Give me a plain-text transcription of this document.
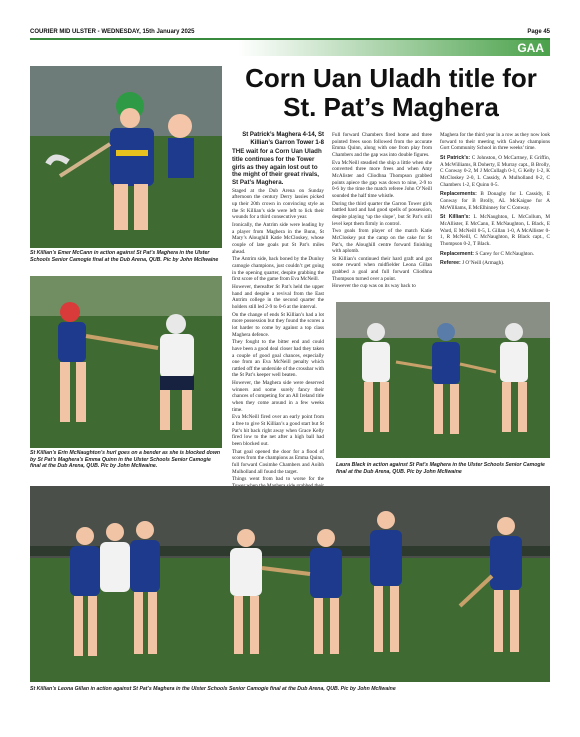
COURIER MID ULSTER - WEDNESDAY, 15th January 2025	Page 45
GAA
St Killian’s Emer McCann in action against St Pat’s Maghera in the Ulster Schools Senior Camogie final at the Dub Arena, QUB. Pic by John McIlwaine
St Killian’s Erin McNaughton’s hurl goes on a bender as she is blocked down by St Pat’s Maghera’s Emma Quinn in the Ulster Schools Senior Camogie final at the Dub Arena, QUB. Pic by John McIlwaine.
Corn Uan Uladh title for St. Pat’s Maghera
St Patrick’s Maghera 4-14, St
Killian’s Garron Tower 1-8

THE wait for a Corn Uan Uladh title continues for the Tower girls as they again lost out to the might of their great rivals, St Pat’s Maghera.

Staged at the Dub Arena on Sunday afternoon the century Derry lassies picked up their 20th crown in convincing style as the St Killian’s side were left to lick their wounds for a third consecutive year.

Ironically, the Antrim side were leading by a player from Maghera in the Bunn, St Mary’s Aloughill Katie McCloskey, whose couple of late goals put St Pat’s miles ahead.

The Antrim side, back boned by the Dunloy camogie champions, just couldn’t get going in the opening quarter, despite grabbing the first score of the game from Eva McNeill.

However, thereafter St Pat’s held the upper hand and despite a revival from the East Antrim college in the second quarter the holders still led 2-9 to 0-6 at the interval.

On the change of ends St Killian’s had a lot more possession but they found the scores a lot harder to come by against a top class Maghera defence.

They fought to the bitter end and could have been a good deal closer had they taken a couple of good goal chances, especially one from an Eva McNeill penalty which rattled off the underside of the crossbar with the St Pat’s keeper well beaten.

However, the Maghera side were deserved winners and some surely fancy their chances of competing for an All Ireland title when they come around in a few weeks time.

Eva McNeill fired over an early point from a free to give St Killian’s a good start but St Pat’s hit back right away when Grace Kelly fired low to the net after a high ball had been blocked out.

That goal opened the door for a flood of scores from the champions as Emma Quinn, full forward Cosimhe Chambers and Aoibh Mulholland all found the target.

Things went from bad to worse for the

Full forward Chambers fired home and three pointed frees soon followed from the accurate Emma Quinn, along with one from play from Chambers and the gap was into double figures.

Eva McNeill steadied the ship a little when she converted three more frees and when Amy McAlister and Cliodhna Thompson grabbed points apiece the gap was down to nine, 2-9 to 0-6 by the time the match referee John O’Neill sounded the half time whistle.

During the third quarter the Garron Tower girls battled hard and had good spells of possession, despite playing ‘up the slope’, but St Pat’s still level kept them firmly in control.

Two goals from player of the match Katie McCloskey put the camp on the cake for St Pat’s, the Aloughill centre forward finishing with aplomb.

St Killian’s continued their hard graft and got some reward when midfielder Leona Gillan grabbed a goal and full forward Cliodhna Thompson turned over a point.

However the cup was on its way back to

Maghera for the third year in a row as they now look forward to their meeting with Galway champions Gort Community School in three weeks’ time.

St Patrick’s: C Johnston, O McCartney, E Griffin, A McWilliams, R Doherty, E Murray capt., B Brolly, C Conway 0-2, M J McCullagh 0-1, G Kelly 1-2, K McCloskey 2-0, L Cassidy, A Mulholland 0-2, C Chambers 1-2, E Quinn 0-5.

Replacements: B Donaghy for L Cassidy, E Conway for B Brolly, AL McKaigue for A McWilliams, E McElhinney for C Conway.

St Killian’s: L McNaughton, L McCollum, M McAllister, E McCann, E McNaughton, L Black, E Ward, E McNeill 0-5, L Gillan 1-0, A McAllister 0-1, R McNeill, C McNaughton, R Black capt., C Thompson 0-2, T Black.

Replacement: S Carey for C McNaughton.

Referee: J O’Neill (Armagh).

Laura Black in action against St Pat’s Maghera in the Ulster Schools Senior Camogie final at the Dub Arena, QUB. Pic by John McIlwaine
St Killian’s Leona Gillan in action against St Pat’s Maghera in the Ulster Schools Senior Camogie final at the Dub Arena, QUB. Pic by John McIlwaine
